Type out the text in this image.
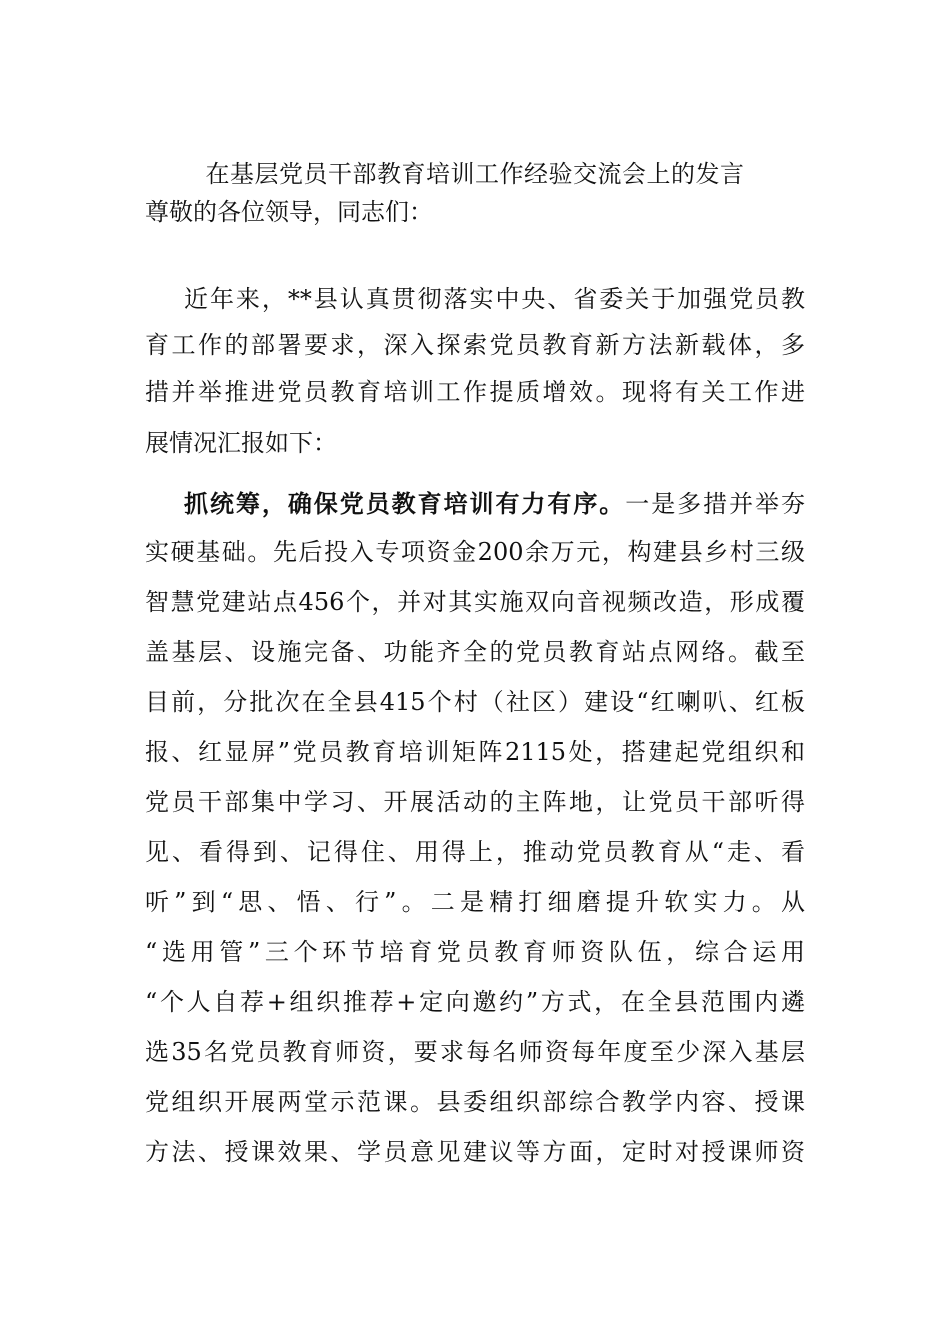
在基层党员干部教育培训工作经验交流会上的发言
尊敬的各位领导，同志们：
近年来，**县认真贯彻落实中央、省委关于加强党员教
育工作的部署要求，深入探索党员教育新方法新载体，多
措并举推进党员教育培训工作提质增效。现将有关工作进
展情况汇报如下：
抓统筹，确保党员教育培训有力有序。一是多措并举夯
实硬基础。先后投入专项资金200余万元，构建县乡村三级
智慧党建站点456个，并对其实施双向音视频改造，形成覆
盖基层、设施完备、功能齐全的党员教育站点网络。截至
目前，分批次在全县415个村（社区）建设“红喇叭、红板
报、红显屏”党员教育培训矩阵2115处，搭建起党组织和
党员干部集中学习、开展活动的主阵地，让党员干部听得
见、看得到、记得住、用得上，推动党员教育从“走、看
听”到“思、悟、行”。二是精打细磨提升软实力。从
“选用管”三个环节培育党员教育师资队伍，综合运用
“个人自荐+组织推荐+定向邀约”方式，在全县范围内遴
选35名党员教育师资，要求每名师资每年度至少深入基层
党组织开展两堂示范课。县委组织部综合教学内容、授课
方法、授课效果、学员意见建议等方面，定时对授课师资
